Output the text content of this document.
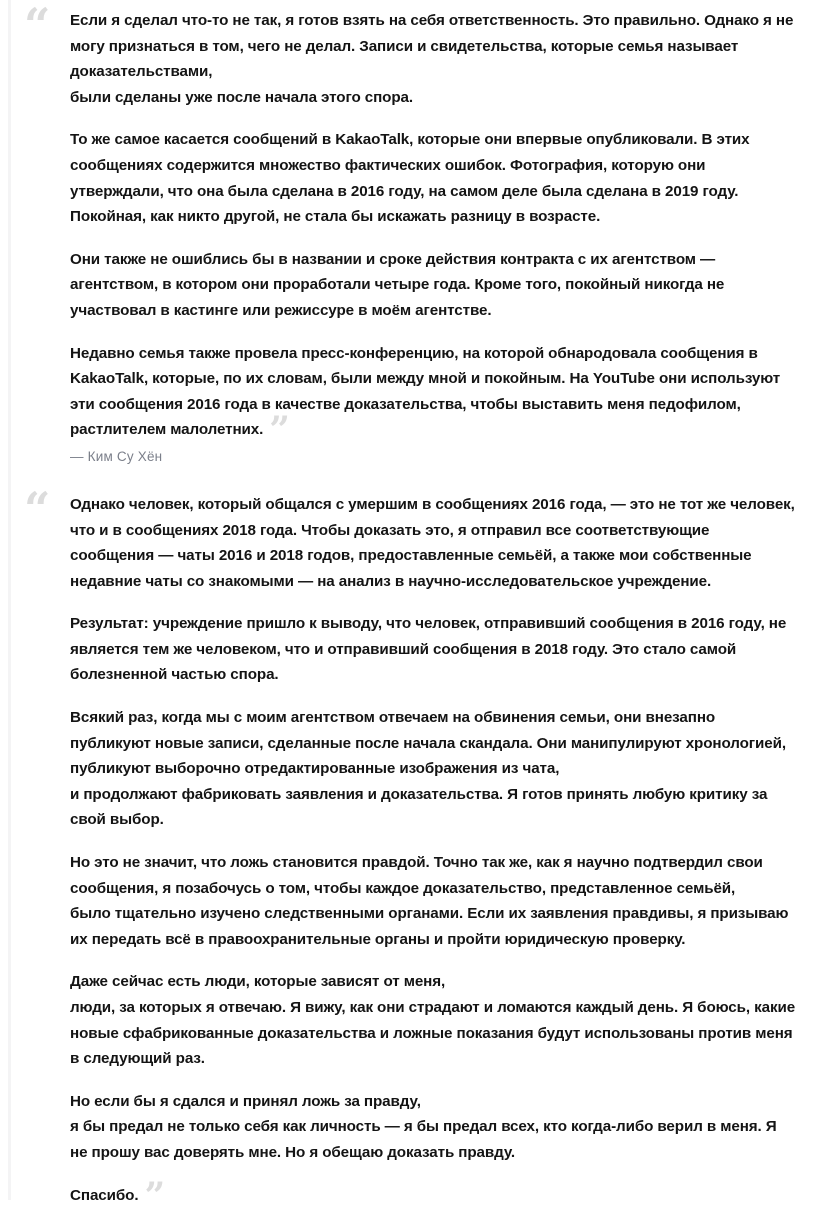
“ Если я сделал что-то не так, я готов взять на себя ответственность. Это правильно. Однако я не могу признаться в том, чего не делал. Записи и свидетельства, которые семья называет доказательствами,
были сделаны уже после начала этого спора.

То же самое касается сообщений в KakaoTalk, которые они впервые опубликовали. В этих сообщениях содержится множество фактических ошибок. Фотография, которую они утверждали, что она была сделана в 2016 году, на самом деле была сделана в 2019 году. Покойная, как никто другой, не стала бы искажать разницу в возрасте.

Они также не ошиблись бы в названии и сроке действия контракта с их агентством — агентством, в котором они проработали четыре года. Кроме того, покойный никогда не участвовал в кастинге или режиссуре в моём агентстве.

Недавно семья также провела пресс-конференцию, на которой обнародовала сообщения в KakaoTalk, которые, по их словам, были между мной и покойным. На YouTube они используют эти сообщения 2016 года в качестве доказательства, чтобы выставить меня педофилом, растлителем малолетних. ”

— Ким Су Хён
“ Однако человек, который общался с умершим в сообщениях 2016 года, — это не тот же человек, что и в сообщениях 2018 года. Чтобы доказать это, я отправил все соответствующие сообщения — чаты 2016 и 2018 годов, предоставленные семьёй, а также мои собственные недавние чаты со знакомыми — на анализ в научно-исследовательское учреждение.

Результат: учреждение пришло к выводу, что человек, отправивший сообщения в 2016 году, не является тем же человеком, что и отправивший сообщения в 2018 году. Это стало самой болезненной частью спора.

Всякий раз, когда мы с моим агентством отвечаем на обвинения семьи, они внезапно публикуют новые записи, сделанные после начала скандала. Они манипулируют хронологией,
публикуют выборочно отредактированные изображения из чата,
и продолжают фабриковать заявления и доказательства. Я готов принять любую критику за свой выбор.

Но это не значит, что ложь становится правдой. Точно так же, как я научно подтвердил свои сообщения, я позабочусь о том, чтобы каждое доказательство, представленное семьёй,
было тщательно изучено следственными органами. Если их заявления правдивы, я призываю их передать всё в правоохранительные органы и пройти юридическую проверку.

Даже сейчас есть люди, которые зависят от меня,
люди, за которых я отвечаю. Я вижу, как они страдают и ломаются каждый день. Я боюсь, какие новые сфабрикованные доказательства и ложные показания будут использованы против меня в следующий раз.

Но если бы я сдался и принял ложь за правду,
я бы предал не только себя как личность — я бы предал всех, кто когда-либо верил в меня. Я не прошу вас доверять мне. Но я обещаю доказать правду.

Спасибо. ”
